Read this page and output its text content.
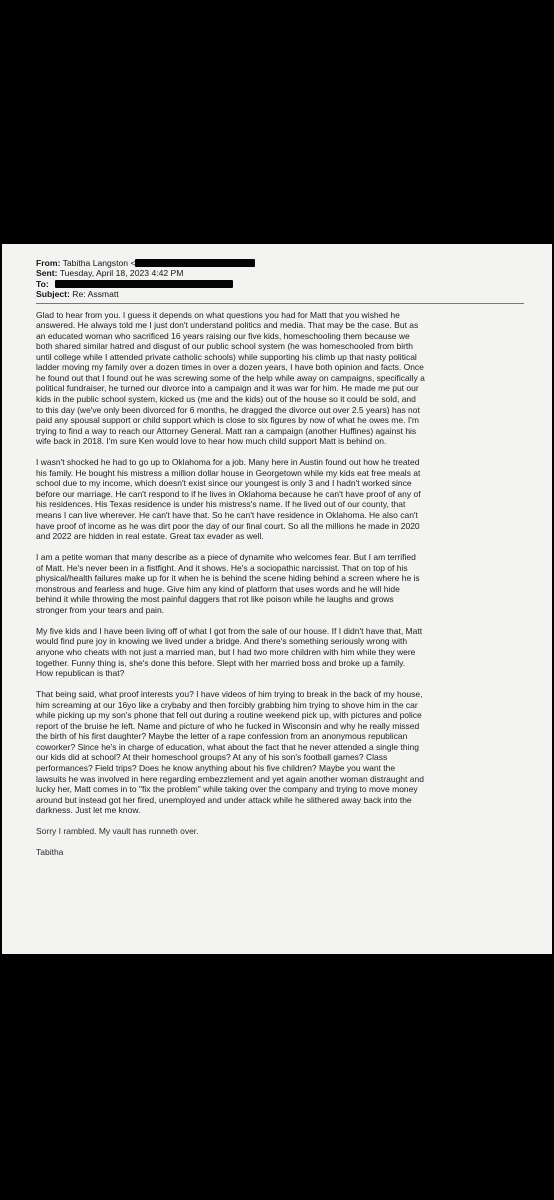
From: Tabitha Langston <
Sent: Tuesday, April 18, 2023 4:42 PM
To:
Subject: Re: Assmatt

Glad to hear from you. I guess it depends on what questions you had for Matt that you wished he
answered. He always told me I just don't understand politics and media. That may be the case. But as
an educated woman who sacrificed 16 years raising our five kids, homeschooling them because we
both shared similar hatred and disgust of our public school system (he was homeschooled from birth
until college while I attended private catholic schools) while supporting his climb up that nasty political
ladder moving my family over a dozen times in over a dozen years, I have both opinion and facts. Once
he found out that I found out he was screwing some of the help while away on campaigns, specifically a
political fundraiser, he turned our divorce into a campaign and it was war for him. He made me put our
kids in the public school system, kicked us (me and the kids) out of the house so it could be sold, and
to this day (we've only been divorced for 6 months, he dragged the divorce out over 2.5 years) has not
paid any spousal support or child support which is close to six figures by now of what he owes me. I'm
trying to find a way to reach our Attorney General. Matt ran a campaign (another Huffines) against his
wife back in 2018. I'm sure Ken would love to hear how much child support Matt is behind on.

I wasn't shocked he had to go up to Oklahoma for a job. Many here in Austin found out how he treated
his family. He bought his mistress a million dollar house in Georgetown while my kids eat free meals at
school due to my income, which doesn't exist since our youngest is only 3 and I hadn't worked since
before our marriage. He can't respond to if he lives in Oklahoma because he can't have proof of any of
his residences. His Texas residence is under his mistress's name. If he lived out of our county, that
means I can live wherever. He can't have that. So he can't have residence in Oklahoma. He also can't
have proof of income as he was dirt poor the day of our final court. So all the millions he made in 2020
and 2022 are hidden in real estate. Great tax evader as well.

I am a petite woman that many describe as a piece of dynamite who welcomes fear. But I am terrified
of Matt. He's never been in a fistfight. And it shows. He's a sociopathic narcissist. That on top of his
physical/health failures make up for it when he is behind the scene hiding behind a screen where he is
monstrous and fearless and huge. Give him any kind of platform that uses words and he will hide
behind it while throwing the most painful daggers that rot like poison while he laughs and grows
stronger from your tears and pain.

My five kids and I have been living off of what I got from the sale of our house. If I didn't have that, Matt
would find pure joy in knowing we lived under a bridge. And there's something seriously wrong with
anyone who cheats with not just a married man, but I had two more children with him while they were
together. Funny thing is, she's done this before. Slept with her married boss and broke up a family.
How republican is that?

That being said, what proof interests you? I have videos of him trying to break in the back of my house,
him screaming at our 16yo like a crybaby and then forcibly grabbing him trying to shove him in the car
while picking up my son's phone that fell out during a routine weekend pick up, with pictures and police
report of the bruise he left. Name and picture of who he fucked in Wisconsin and why he really missed
the birth of his first daughter? Maybe the letter of a rape confession from an anonymous republican
coworker? Since he's in charge of education, what about the fact that he never attended a single thing
our kids did at school? At their homeschool groups? At any of his son's football games? Class
performances? Field trips? Does he know anything about his five children? Maybe you want the
lawsuits he was involved in here regarding embezzlement and yet again another woman distraught and
lucky her, Matt comes in to "fix the problem" while taking over the company and trying to move money
around but instead got her fired, unemployed and under attack while he slithered away back into the
darkness. Just let me know.

Sorry I rambled. My vault has runneth over.
Tabitha
